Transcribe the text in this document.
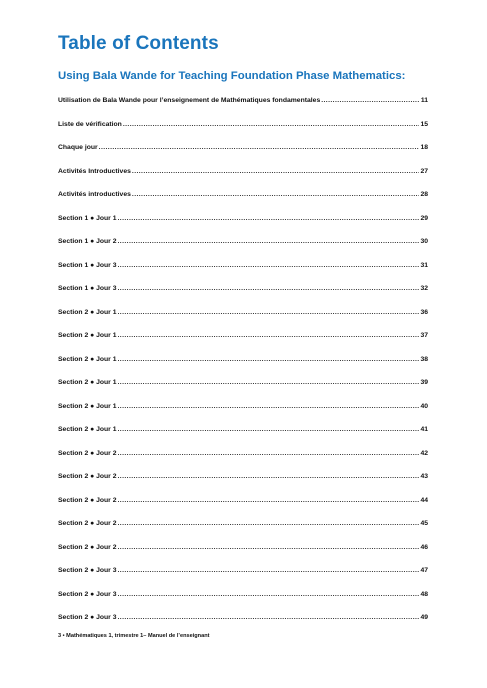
Table of Contents
Using Bala Wande for Teaching Foundation Phase Mathematics:
Utilisation de Bala Wande pour l’enseignement de Mathématiques fondamentales .....	11
Liste de vérification .....	15
Chaque jour .....	18
Activités Introductives .....	27
Activités introductives .....	28
Section 1 ● Jour 1 .....	29
Section 1 ● Jour 2 .....	30
Section 1 ● Jour 3 .....	31
Section 1 ● Jour 3 .....	32
Section 2 ● Jour 1 .....	36
Section 2 ● Jour 1 .....	37
Section 2 ● Jour 1 .....	38
Section 2 ● Jour 1 .....	39
Section 2 ● Jour 1 .....	40
Section 2 ● Jour 1 .....	41
Section 2 ● Jour 2 .....	42
Section 2 ● Jour 2 .....	43
Section 2 ● Jour 2 .....	44
Section 2 ● Jour 2 .....	45
Section 2 ● Jour 2 .....	46
Section 2 ● Jour 3 .....	47
Section 2 ● Jour 3 .....	48
Section 2 ● Jour 3 .....	49
3 • Mathématiques 1, trimestre 1– Manuel de l’enseignant
